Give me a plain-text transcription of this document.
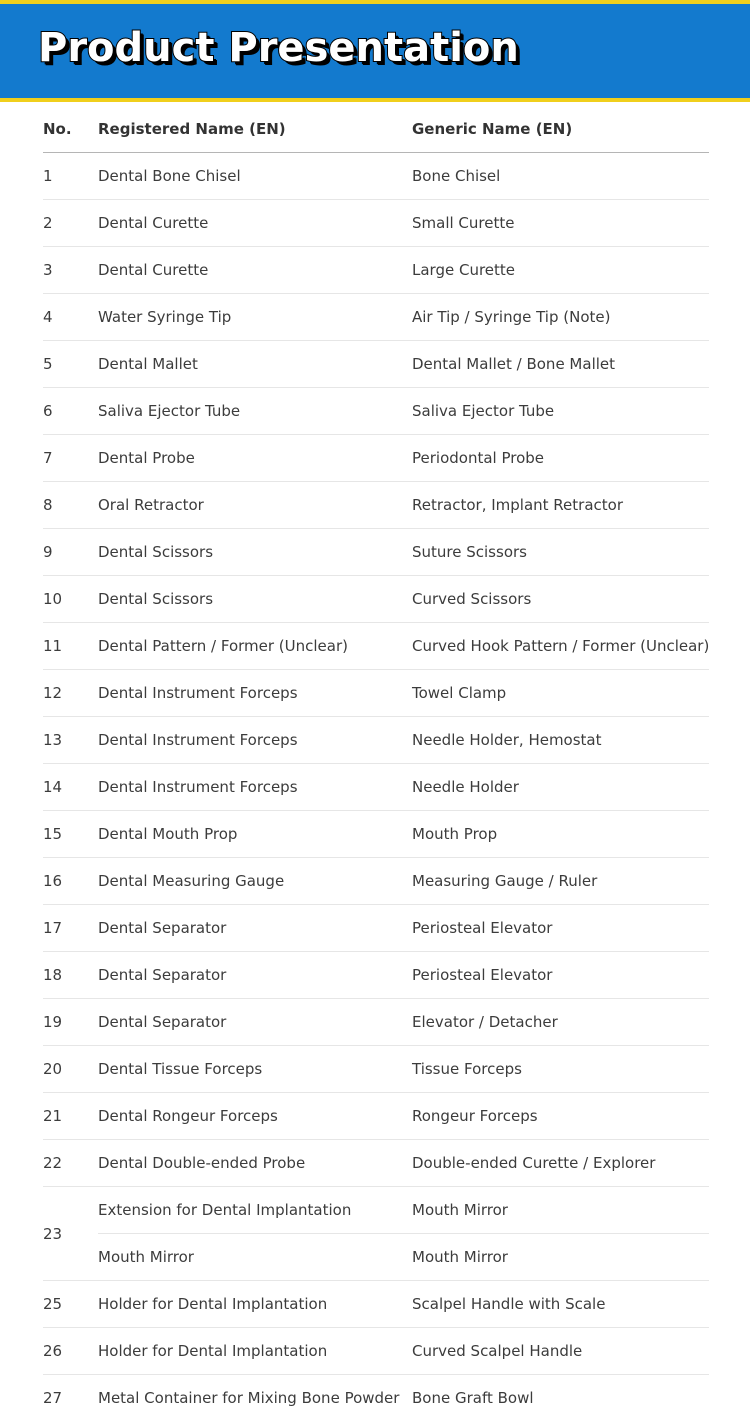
Product Presentation
No.	Registered Name (EN)	Generic Name (EN)
1	Dental Bone Chisel	Bone Chisel
2	Dental Curette	Small Curette
3	Dental Curette	Large Curette
4	Water Syringe Tip	Air Tip / Syringe Tip (Note)
5	Dental Mallet	Dental Mallet / Bone Mallet
6	Saliva Ejector Tube	Saliva Ejector Tube
7	Dental Probe	Periodontal Probe
8	Oral Retractor	Retractor, Implant Retractor
9	Dental Scissors	Suture Scissors
10	Dental Scissors	Curved Scissors
11	Dental Pattern / Former (Unclear)	Curved Hook Pattern / Former (Unclear)
12	Dental Instrument Forceps	Towel Clamp
13	Dental Instrument Forceps	Needle Holder, Hemostat
14	Dental Instrument Forceps	Needle Holder
15	Dental Mouth Prop	Mouth Prop
16	Dental Measuring Gauge	Measuring Gauge / Ruler
17	Dental Separator	Periosteal Elevator
18	Dental Separator	Periosteal Elevator
19	Dental Separator	Elevator / Detacher
20	Dental Tissue Forceps	Tissue Forceps
21	Dental Rongeur Forceps	Rongeur Forceps
22	Dental Double-ended Probe	Double-ended Curette / Explorer
23	Extension for Dental Implantation	Mouth Mirror
	Mouth Mirror	Mouth Mirror
25	Holder for Dental Implantation	Scalpel Handle with Scale
26	Holder for Dental Implantation	Curved Scalpel Handle
27	Metal Container for Mixing Bone Powder	Bone Graft Bowl
